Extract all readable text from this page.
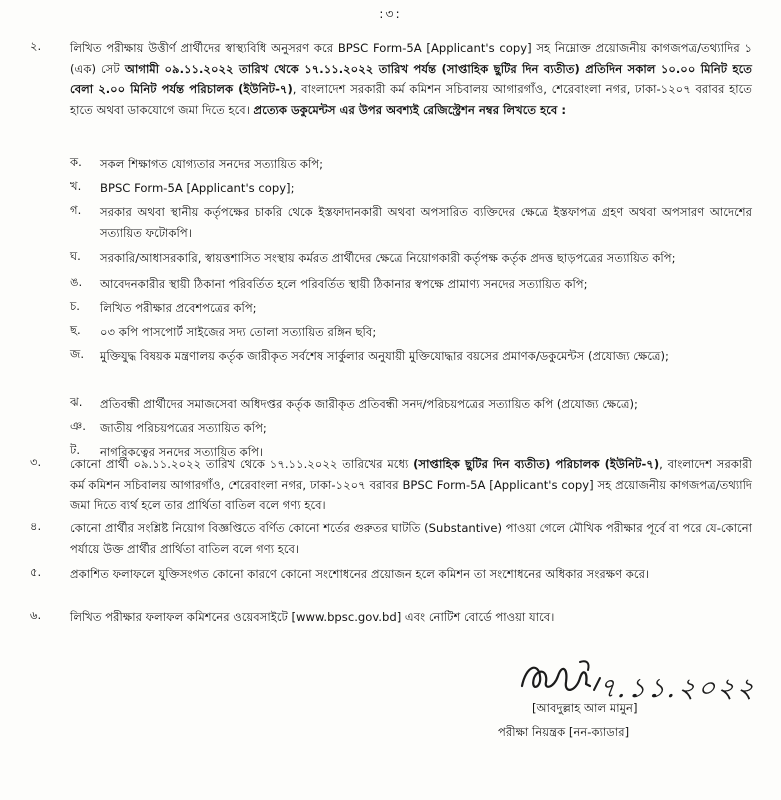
:৩:
২.	লিখিত পরীক্ষায় উত্তীর্ণ প্রার্থীদের স্বাস্থ্যবিধি অনুসরণ করে BPSC Form-5A [Applicant's copy] সহ নিম্নোক্ত প্রয়োজনীয় কাগজপত্র/তথ্যাদির ১ (এক) সেট আগামী ০৯.১১.২০২২ তারিখ থেকে ১৭.১১.২০২২ তারিখ পর্যন্ত (সাপ্তাহিক ছুটির দিন ব্যতীত) প্রতিদিন সকাল ১০.০০ মিনিট হতে বেলা ২.০০ মিনিট পর্যন্ত পরিচালক (ইউনিট-৭), বাংলাদেশ সরকারী কর্ম কমিশন সচিবালয় আগারগাঁও, শেরেবাংলা নগর, ঢাকা-১২০৭ বরাবর হাতে হাতে অথবা ডাকযোগে জমা দিতে হবে। প্রত্যেক ডকুমেন্টস এর উপর অবশ্যই রেজিস্ট্রেশন নম্বর লিখতে হবে :
ক.	সকল শিক্ষাগত যোগ্যতার সনদের সত্যায়িত কপি;
খ.	BPSC Form-5A [Applicant's copy];
গ.	সরকার অথবা স্থানীয় কর্তৃপক্ষের চাকরি থেকে ইস্তফাদানকারী অথবা অপসারিত ব্যক্তিদের ক্ষেত্রে ইস্তফাপত্র গ্রহণ অথবা অপসারণ আদেশের সত্যায়িত ফটোকপি।
ঘ.	সরকারি/আধাসরকারি, স্বায়ত্তশাসিত সংস্থায় কর্মরত প্রার্থীদের ক্ষেত্রে নিয়োগকারী কর্তৃপক্ষ কর্তৃক প্রদত্ত ছাড়পত্রের সত্যায়িত কপি;
ঙ.	আবেদনকারীর স্থায়ী ঠিকানা পরিবর্তিত হলে পরিবর্তিত স্থায়ী ঠিকানার স্বপক্ষে প্রামাণ্য সনদের সত্যায়িত কপি;
চ.	লিখিত পরীক্ষার প্রবেশপত্রের কপি;
ছ.	০৩ কপি পাসপোর্ট সাইজের সদ্য তোলা সত্যায়িত রঙ্গিন ছবি;
জ.	মুক্তিযুদ্ধ বিষয়ক মন্ত্রণালয় কর্তৃক জারীকৃত সর্বশেষ সার্কুলার অনুযায়ী মুক্তিযোদ্ধার বয়সের প্রমাণক/ডকুমেন্টস (প্রযোজ্য ক্ষেত্রে);
ঝ.	প্রতিবন্ধী প্রার্থীদের সমাজসেবা অধিদপ্তর কর্তৃক জারীকৃত প্রতিবন্ধী সনদ/পরিচয়পত্রের সত্যায়িত কপি (প্রযোজ্য ক্ষেত্রে);
ঞ.	জাতীয় পরিচয়পত্রের সত্যায়িত কপি;
ট.	নাগরিকত্বের সনদের সত্যায়িত কপি।
৩.	কোনো প্রার্থী ০৯.১১.২০২২ তারিখ থেকে ১৭.১১.২০২২ তারিখের মধ্যে (সাপ্তাহিক ছুটির দিন ব্যতীত) পরিচালক (ইউনিট-৭), বাংলাদেশ সরকারী কর্ম কমিশন সচিবালয় আগারগাঁও, শেরেবাংলা নগর, ঢাকা-১২০৭ বরাবর BPSC Form-5A [Applicant's copy] সহ প্রয়োজনীয় কাগজপত্র/তথ্যাদি জমা দিতে ব্যর্থ হলে তার প্রার্থিতা বাতিল বলে গণ্য হবে।
৪.	কোনো প্রার্থীর সংশ্লিষ্ট নিয়োগ বিজ্ঞপ্তিতে বর্ণিত কোনো শর্তের গুরুতর ঘাটতি (Substantive) পাওয়া গেলে মৌখিক পরীক্ষার পূর্বে বা পরে যে-কোনো পর্যায়ে উক্ত প্রার্থীর প্রার্থিতা বাতিল বলে গণ্য হবে।
৫.	প্রকাশিত ফলাফলে যুক্তিসংগত কোনো কারণে কোনো সংশোধনের প্রয়োজন হলে কমিশন তা সংশোধনের অধিকার সংরক্ষণ করে।
৬.	লিখিত পরীক্ষার ফলাফল কমিশনের ওয়েবসাইটে [www.bpsc.gov.bd] এবং নোটিশ বোর্ডে পাওয়া যাবে।
৭.১১.২০২২
[আবদুল্লাহ আল মামুন]
পরীক্ষা নিয়ন্ত্রক [নন-ক্যাডার]
